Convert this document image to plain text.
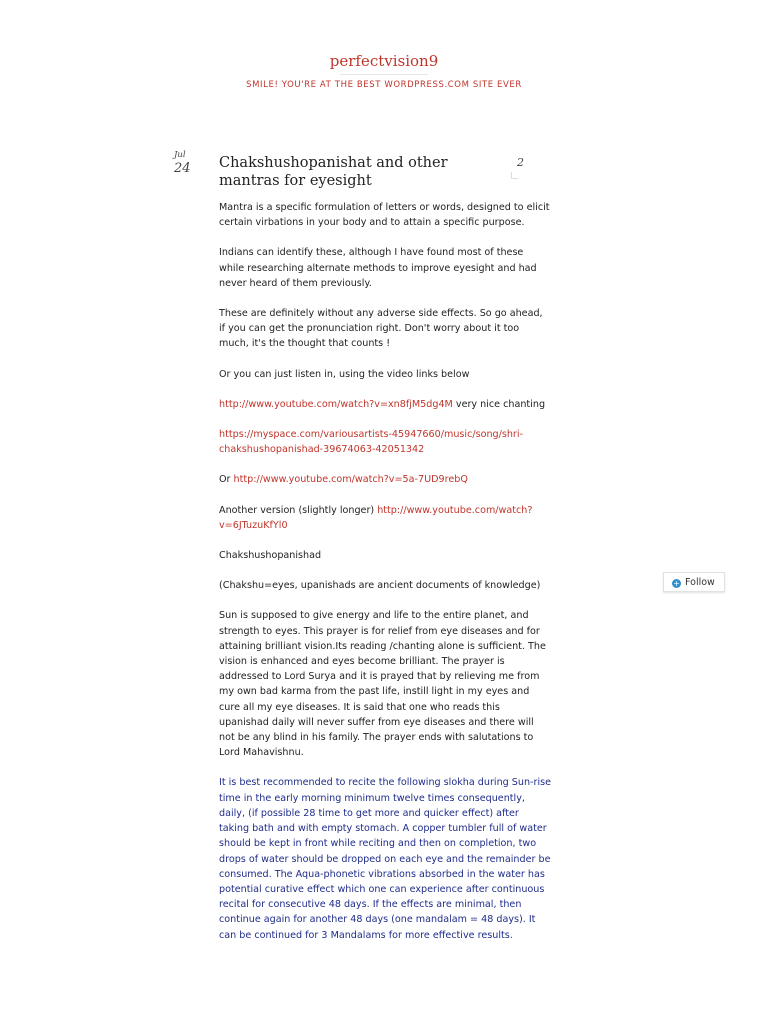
perfectvision9
SMILE! YOU'RE AT THE BEST WORDPRESS.COM SITE EVER
Jul
24 Chakshushopanishat and other mantras for eyesight
2

Mantra is a specific formulation of letters or words, designed to elicit certain virbations in your body and to attain a specific purpose.

Indians can identify these, although I have found most of these while researching alternate methods to improve eyesight and had never heard of them previously.

These are definitely without any adverse side effects. So go ahead, if you can get the pronunciation right. Don't worry about it too much, it's the thought that counts !

Or you can just listen in, using the video links below

http://www.youtube.com/watch?v=xn8fjM5dg4M very nice chanting

https://myspace.com/variousartists-45947660/music/song/shri-chakshushopanishad-39674063-42051342

Or http://www.youtube.com/watch?v=5a-7UD9rebQ

Another version (slightly longer) http://www.youtube.com/watch?v=6JTuzuKfYl0

Chakshushopanishad

(Chakshu=eyes, upanishads are ancient documents of knowledge)

Sun is supposed to give energy and life to the entire planet, and strength to eyes. This prayer is for relief from eye diseases and for attaining brilliant vision.Its reading /chanting alone is sufficient. The vision is enhanced and eyes become brilliant. The prayer is addressed to Lord Surya and it is prayed that by relieving me from my own bad karma from the past life, instill light in my eyes and cure all my eye diseases. It is said that one who reads this upanishad daily will never suffer from eye diseases and there will not be any blind in his family. The prayer ends with salutations to Lord Mahavishnu.

It is best recommended to recite the following slokha during Sun-rise time in the early morning minimum twelve times consequently, daily, (if possible 28 time to get more and quicker effect) after taking bath and with empty stomach. A copper tumbler full of water should be kept in front while reciting and then on completion, two drops of water should be dropped on each eye and the remainder be consumed. The Aqua-phonetic vibrations absorbed in the water has potential curative effect which one can experience after continuous recital for consecutive 48 days. If the effects are minimal, then continue again for another 48 days (one mandalam = 48 days). It can be continued for 3 Mandalams for more effective results.

+ Follow
